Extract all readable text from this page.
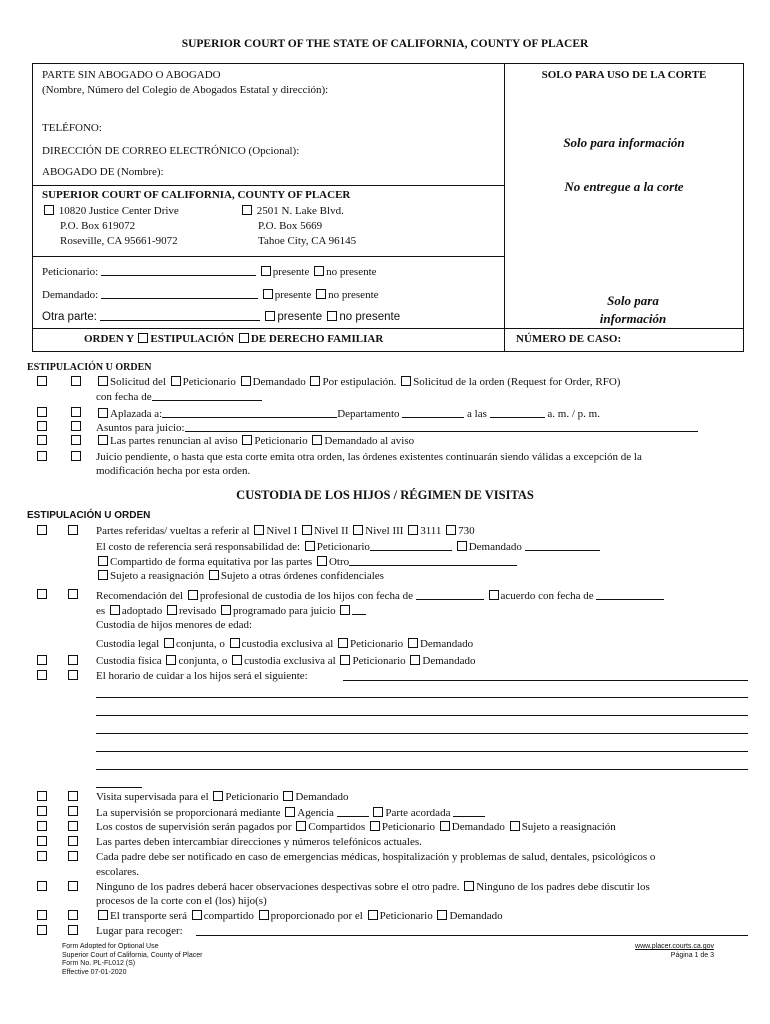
SUPERIOR COURT OF THE STATE OF CALIFORNIA, COUNTY OF PLACER
PARTE SIN ABOGADO O ABOGADO
(Nombre, Número del Colegio de Abogados Estatal y dirección):
TELÉFONO:
DIRECCIÓN DE CORREO ELECTRÓNICO (Opcional):
ABOGADO DE (Nombre):
SOLO PARA USO DE LA CORTE
Solo para información
No entregue a la corte
Solo para
información
SUPERIOR COURT OF CALIFORNIA, COUNTY OF PLACER
10820 Justice Center Drive
P.O. Box 619072
Roseville, CA 95661-9072
2501 N. Lake Blvd.
P.O. Box 5669
Tahoe City, CA 96145
Peticionario:	presente no presente
Demandado:	presente no presente
Otra parte:	presente no presente
ORDEN Y ESTIPULACIÓN DE DERECHO FAMILIAR	NÚMERO DE CASO:
ESTIPULACIÓN U ORDEN
Solicitud del Peticionario Demandado Por estipulación. Solicitud de la orden (Request for Order, RFO)
con fecha de
Aplazada a:	Departamento	a las	a. m. / p. m.
Asuntos para juicio:
Las partes renuncian al aviso Peticionario Demandado al aviso
Juicio pendiente, o hasta que esta corte emita otra orden, las órdenes existentes continuarán siendo válidas a excepción de la
modificación hecha por esta orden.
CUSTODIA DE LOS HIJOS / RÉGIMEN DE VISITAS
ESTIPULACIÓN U ORDEN
Partes referidas/ vueltas a referir al Nivel I Nivel II Nivel III 3111 730
El costo de referencia será responsabilidad de: Peticionario	Demandado
Compartido de forma equitativa por las partes Otro
Sujeto a reasignación Sujeto a otras órdenes confidenciales
Recomendación del profesional de custodia de los hijos con fecha de	acuerdo con fecha de
es adoptado revisado programado para juicio
Custodia de hijos menores de edad:
Custodia legal conjunta, o custodia exclusiva al Peticionario Demandado
Custodia física conjunta, o custodia exclusiva al Peticionario Demandado
El horario de cuidar a los hijos será el siguiente:
Visita supervisada para el Peticionario Demandado
La supervisión se proporcionará mediante Agencia	Parte acordada
Los costos de supervisión serán pagados por Compartidos Peticionario Demandado Sujeto a reasignación
Las partes deben intercambiar direcciones y números telefónicos actuales.
Cada padre debe ser notificado en caso de emergencias médicas, hospitalización y problemas de salud, dentales, psicológicos o
escolares.
Ninguno de los padres deberá hacer observaciones despectivas sobre el otro padre. Ninguno de los padres debe discutir los
procesos de la corte con el (los) hijo(s)
El transporte será compartido proporcionado por el Peticionario Demandado
Lugar para recoger:
Form Adopted for Optional Use
Superior Court of California, County of Placer
Form No. PL-FL012 (S)
Effective 07-01-2020
www.placer.courts.ca.gov
Página 1 de 3
